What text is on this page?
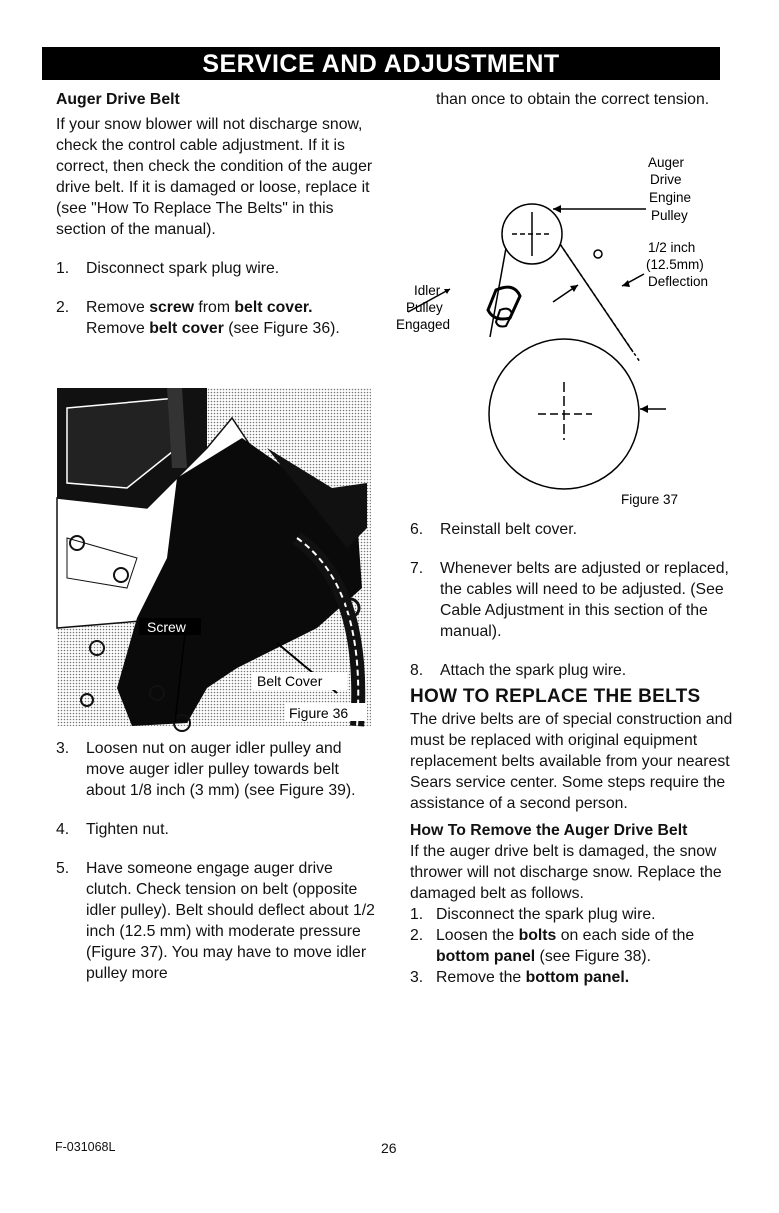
SERVICE AND ADJUSTMENT
Auger Drive Belt

If your snow blower will not discharge snow, check the control cable adjustment. If it is correct, then check the condition of the auger drive belt. If it is damaged or loose, replace it (see "How To Replace The Belts" in this section of the manual).

1.	Disconnect spark plug wire.
2.	Remove screw from belt cover.
Remove belt cover (see Figure 36).
Screw
Belt Cover
Figure 36
3.	Loosen nut on auger idler pulley and move auger idler pulley towards belt about 1/8 inch (3 mm) (see Figure 39).
4.	Tighten nut.
5.	Have someone engage auger drive clutch. Check tension on belt (opposite idler pulley). Belt should deflect about 1/2 inch (12.5 mm) with moderate pressure (Figure 37). You may have to move idler pulley more

than once to obtain the correct tension.

Auger
Drive
Engine
Pulley
1/2 inch
(12.5mm)
Deflection
Idler
Pulley
Engaged
Figure 37
6.	Reinstall belt cover.
7.	Whenever belts are adjusted or replaced, the cables will need to be adjusted. (See Cable Adjustment in this section of the manual).
8.	Attach the spark plug wire.
HOW TO REPLACE THE BELTS

The drive belts are of special construction and must be replaced with original equipment replacement belts available from your nearest Sears service center. Some steps require the assistance of a second person.

How To Remove the Auger Drive Belt

If the auger drive belt is damaged, the snow thrower will not discharge snow. Replace the damaged belt as follows.

1. Disconnect the spark plug wire.
2. Loosen the bolts on each side of the bottom panel (see Figure 38).
3. Remove the bottom panel.
F-031068L	26
